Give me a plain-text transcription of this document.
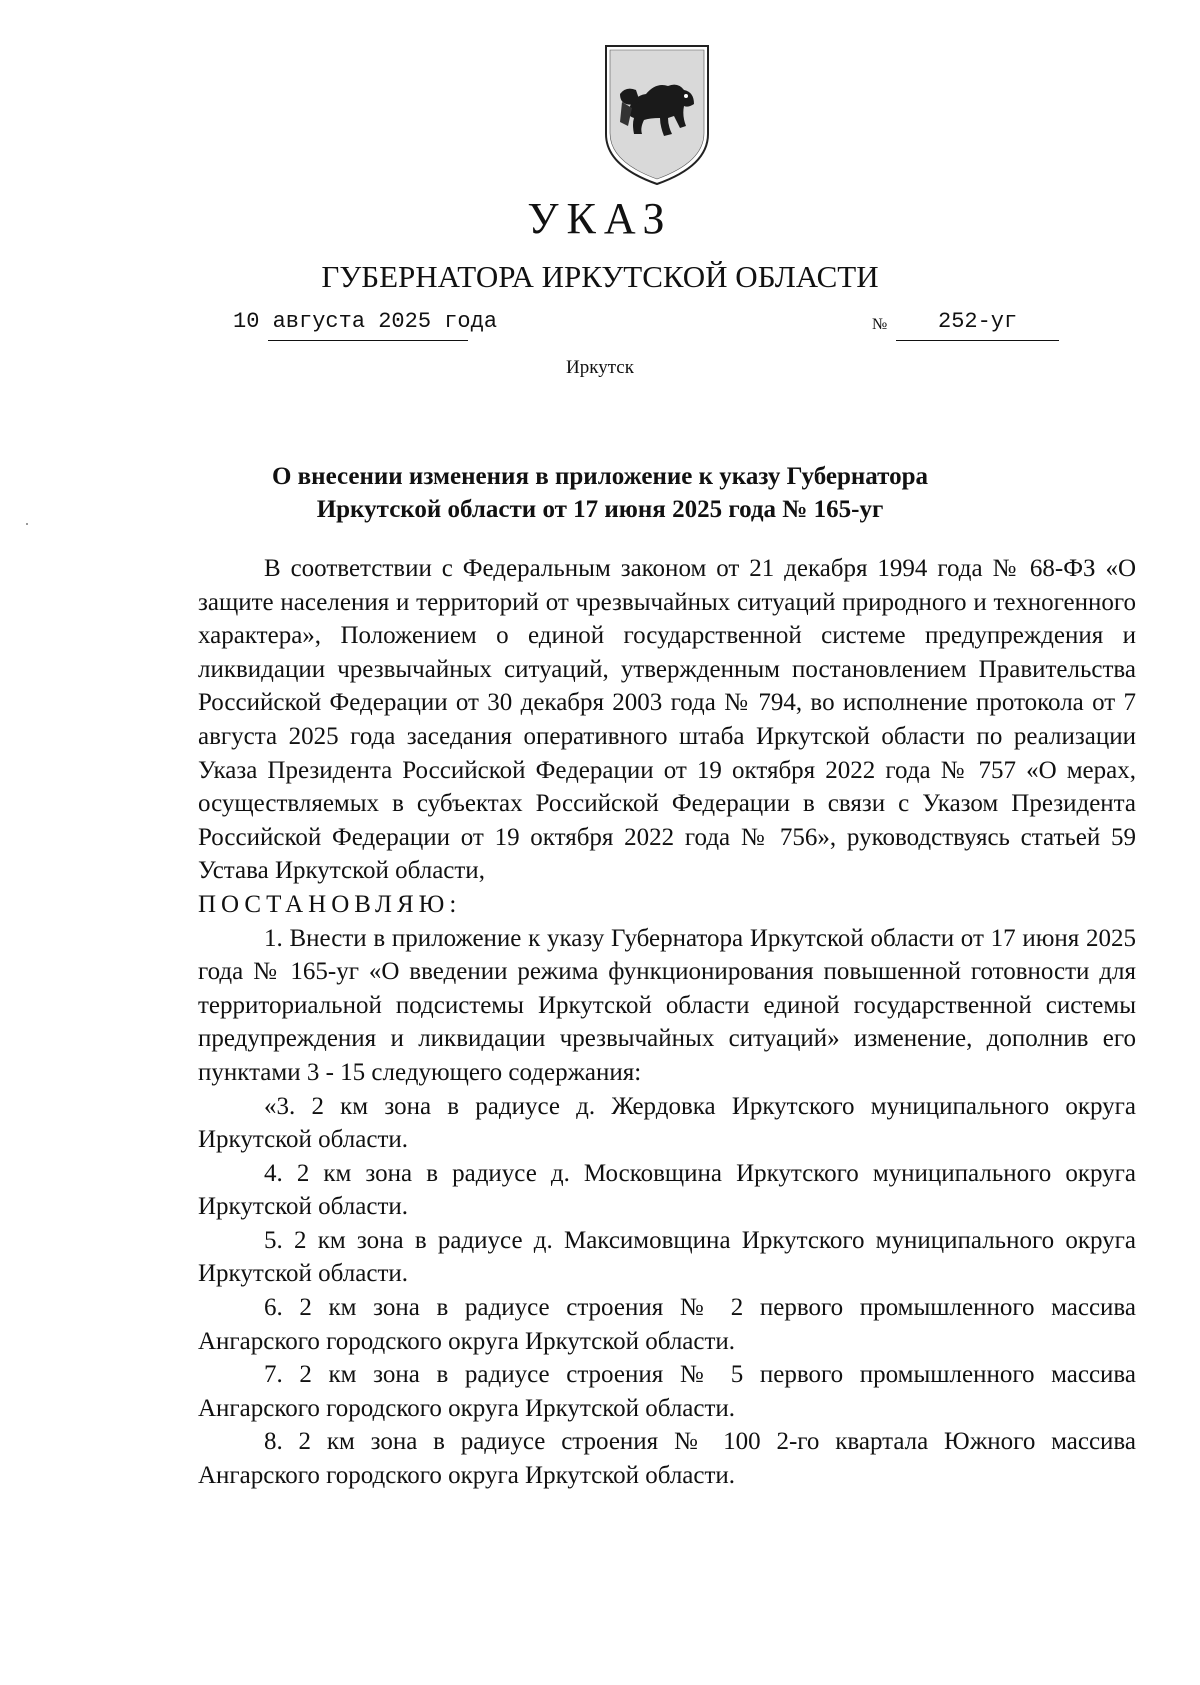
УКАЗ
ГУБЕРНАТОРА ИРКУТСКОЙ ОБЛАСТИ
10 августа 2025 года	№ 252-уг
Иркутск
О внесении изменения в приложение к указу Губернатора
Иркутской области от 17 июня 2025 года № 165-уг

В соответствии с Федеральным законом от 21 декабря 1994 года № 68-ФЗ «О защите населения и территорий от чрезвычайных ситуаций природного и техногенного характера», Положением о единой государственной системе предупреждения и ликвидации чрезвычайных ситуаций, утвержденным постановлением Правительства Российской Федерации от 30 декабря 2003 года № 794, во исполнение протокола от 7 августа 2025 года заседания оперативного штаба Иркутской области по реализации Указа Президента Российской Федерации от 19 октября 2022 года № 757 «О мерах, осуществляемых в субъектах Российской Федерации в связи с Указом Президента Российской Федерации от 19 октября 2022 года № 756», руководствуясь статьей 59 Устава Иркутской области,

ПОСТАНОВЛЯЮ:

1. Внести в приложение к указу Губернатора Иркутской области от 17 июня 2025 года № 165-уг «О введении режима функционирования повышенной готовности для территориальной подсистемы Иркутской области единой государственной системы предупреждения и ликвидации чрезвычайных ситуаций» изменение, дополнив его пунктами 3 - 15 следующего содержания:

«3. 2 км зона в радиусе д. Жердовка Иркутского муниципального округа Иркутской области.

4. 2 км зона в радиусе д. Московщина Иркутского муниципального округа Иркутской области.

5. 2 км зона в радиусе д. Максимовщина Иркутского муниципального округа Иркутской области.

6. 2 км зона в радиусе строения № 2 первого промышленного массива Ангарского городского округа Иркутской области.

7. 2 км зона в радиусе строения № 5 первого промышленного массива Ангарского городского округа Иркутской области.

8. 2 км зона в радиусе строения № 100 2-го квартала Южного массива Ангарского городского округа Иркутской области.
